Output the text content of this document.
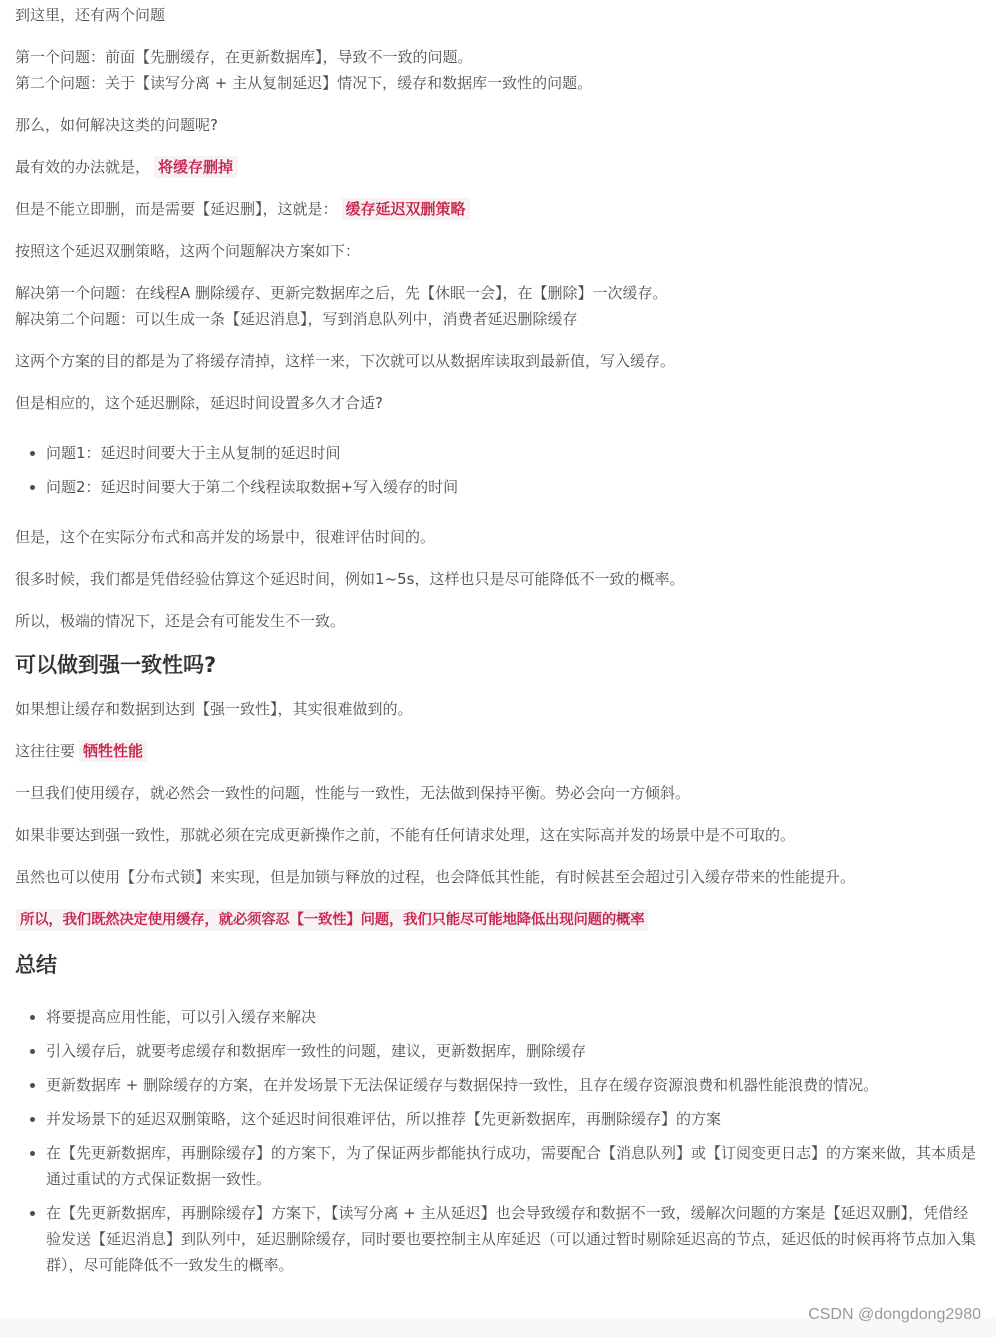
到这里，还有两个问题
第一个问题：前面【先删缓存，在更新数据库】，导致不一致的问题。
第二个问题：关于【读写分离 + 主从复制延迟】情况下，缓存和数据库一致性的问题。
那么，如何解决这类的问题呢?
最有效的办法就是， 将缓存删掉
但是不能立即删，而是需要【延迟删】，这就是： 缓存延迟双删策略
按照这个延迟双删策略，这两个问题解决方案如下：
解决第一个问题：在线程A 删除缓存、更新完数据库之后，先【休眠一会】，在【删除】一次缓存。
解决第二个问题：可以生成一条【延迟消息】，写到消息队列中，消费者延迟删除缓存
这两个方案的目的都是为了将缓存清掉，这样一来，下次就可以从数据库读取到最新值，写入缓存。
但是相应的，这个延迟删除，延迟时间设置多久才合适?
问题1：延迟时间要大于主从复制的延迟时间
问题2：延迟时间要大于第二个线程读取数据+写入缓存的时间
但是，这个在实际分布式和高并发的场景中，很难评估时间的。
很多时候，我们都是凭借经验估算这个延迟时间，例如1~5s，这样也只是尽可能降低不一致的概率。
所以，极端的情况下，还是会有可能发生不一致。
可以做到强一致性吗?
如果想让缓存和数据到达到【强一致性】，其实很难做到的。
这往往要 牺牲性能
一旦我们使用缓存，就必然会一致性的问题，性能与一致性，无法做到保持平衡。势必会向一方倾斜。
如果非要达到强一致性，那就必须在完成更新操作之前，不能有任何请求处理，这在实际高并发的场景中是不可取的。
虽然也可以使用【分布式锁】来实现，但是加锁与释放的过程，也会降低其性能，有时候甚至会超过引入缓存带来的性能提升。
所以，我们既然决定使用缓存，就必须容忍【一致性】问题，我们只能尽可能地降低出现问题的概率
总结
将要提高应用性能，可以引入缓存来解决
引入缓存后，就要考虑缓存和数据库一致性的问题，建议，更新数据库，删除缓存
更新数据库 + 删除缓存的方案，在并发场景下无法保证缓存与数据保持一致性，且存在缓存资源浪费和机器性能浪费的情况。
并发场景下的延迟双删策略，这个延迟时间很难评估，所以推荐【先更新数据库，再删除缓存】的方案
在【先更新数据库，再删除缓存】的方案下，为了保证两步都能执行成功，需要配合【消息队列】或【订阅变更日志】的方案来做，其本质是通过重试的方式保证数据一致性。
在【先更新数据库，再删除缓存】方案下，【读写分离 + 主从延迟】也会导致缓存和数据不一致，缓解次问题的方案是【延迟双删】，凭借经验发送【延迟消息】到队列中，延迟删除缓存，同时要也要控制主从库延迟（可以通过暂时剔除延迟高的节点，延迟低的时候再将节点加入集群），尽可能降低不一致发生的概率。
CSDN @dongdong2980
